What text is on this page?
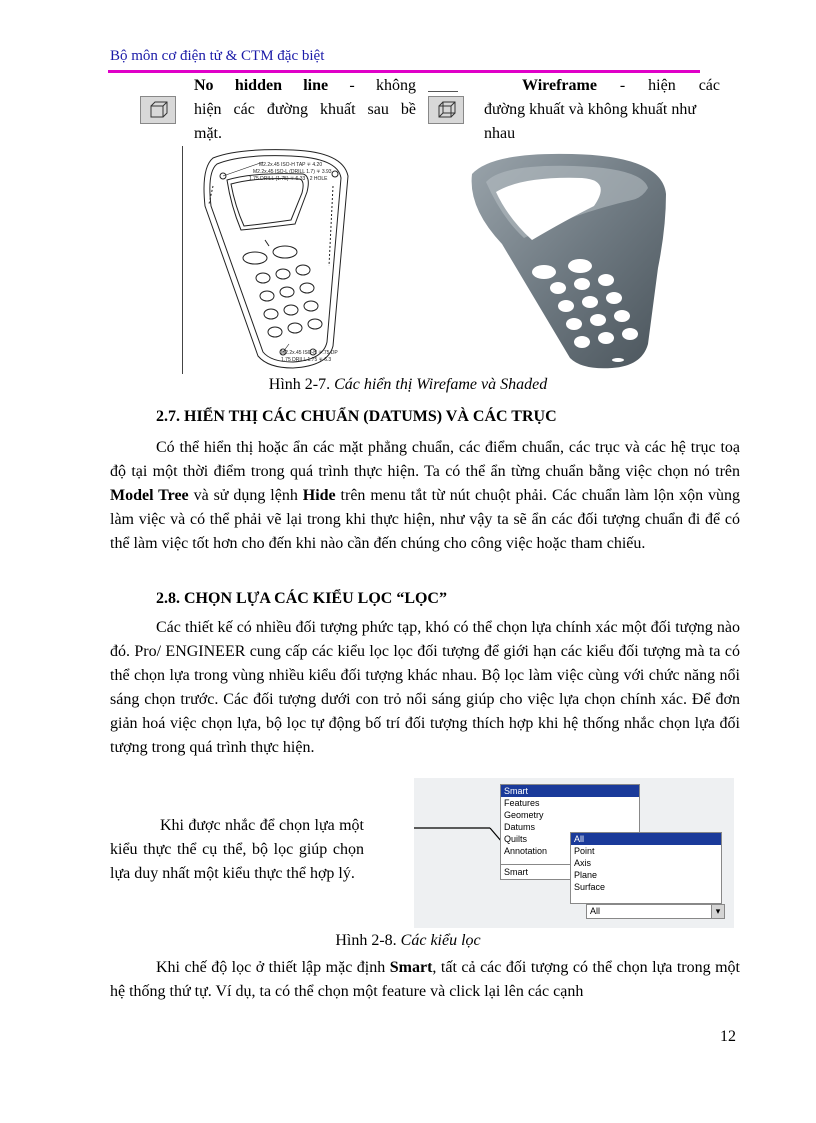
Bộ môn cơ điện tử & CTM đặc biệt
No hidden line - không
hiện các đường khuất sau bề
mặt.
Wireframe - hiện các
đường khuất và không khuất như
nhau
M2.2x.45 ISO-H TAP ∓ 4.20
M2.2x.45 ISO-L (DRILL 1.7) ∓ 3.93
1.75 DRILL (1.75) ∓ 6.33 - 2 HOLE
M2.2x.45 ISO-H ∓.75 DP
1.75 DRILL 1.75 ∓ 6.3
Hình 2-7. Các hiển thị Wirefame và Shaded
2.7. HIỂN THỊ CÁC CHUẨN (DATUMS) VÀ CÁC TRỤC
Có thể hiển thị hoặc ẩn các mặt phẳng chuẩn, các điểm chuẩn, các trục và các hệ trục toạ độ tại một thời điểm trong quá trình thực hiện. Ta có thể ẩn từng chuẩn bằng việc chọn nó trên Model Tree và sử dụng lệnh Hide trên menu tắt từ nút chuột phải. Các chuẩn làm lộn xộn vùng làm việc và có thể phải vẽ lại trong khi thực hiện, như vậy ta sẽ ẩn các đối tượng chuẩn đi để có thể làm việc tốt hơn cho đến khi nào cần đến chúng cho công việc hoặc tham chiếu.
2.8. CHỌN LỰA CÁC KIỂU LỌC “LỌC”
Các thiết kế có nhiều đối tượng phức tạp, khó có thể chọn lựa chính xác một đối tượng nào đó. Pro/ ENGINEER cung cấp các kiểu lọc lọc đối tượng để giới hạn các kiểu đối tượng mà ta có thể chọn lựa trong vùng nhiều kiểu đối tượng khác nhau. Bộ lọc làm việc cùng với chức năng nổi sáng chọn trước. Các đối tượng dưới con trỏ nổi sáng giúp cho việc lựa chọn chính xác. Để đơn giản hoá việc chọn lựa, bộ lọc tự động bố trí đối tượng thích hợp khi hệ thống nhắc chọn lựa đối tượng trong quá trình thực hiện.
Khi được nhắc để chọn lựa một kiểu thực thể cụ thể, bộ lọc giúp chọn lựa duy nhất một kiểu thực thể hợp lý.
Smart
Features
Geometry
Datums
Quilts
Annotation
Smart
All
Point
Axis
Plane
Surface
All	▾
Hình 2-8. Các kiểu lọc
Khi chế độ lọc ở thiết lập mặc định Smart, tất cả các đối tượng có thể chọn lựa trong một hệ thống thứ tự. Ví dụ, ta có thể chọn một feature và click lại lên các cạnh
12
